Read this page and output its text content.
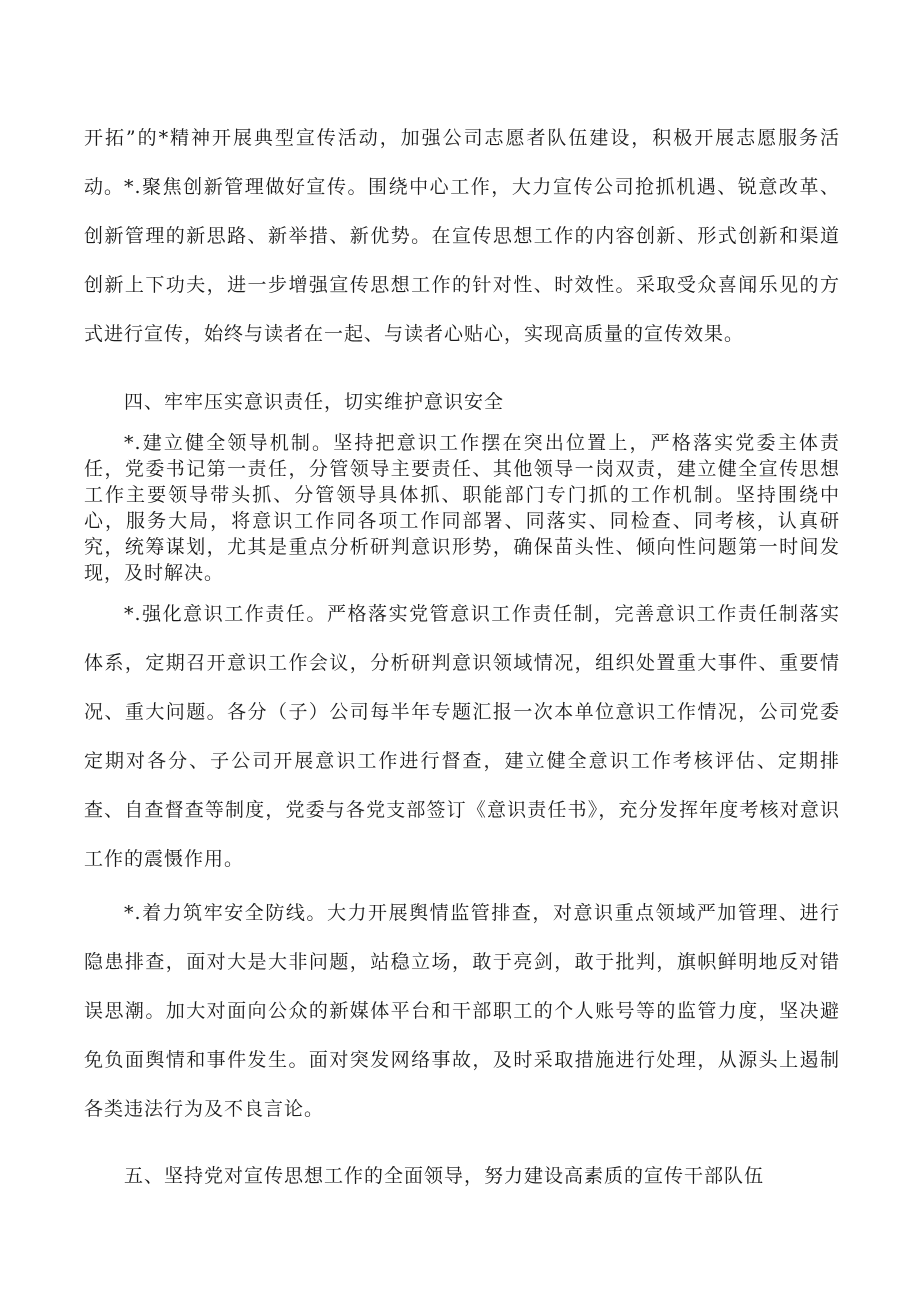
开拓”的*精神开展典型宣传活动，加强公司志愿者队伍建设，积极开展志愿服务活动。 *.聚焦创新管理做好宣传。围绕中心工作，大力宣传公司抢抓机遇、锐意改革、创新管理的新思路、新举措、新优势。在宣传思想工作的内容创新、形式创新和渠道创新上下功夫，进一步增强宣传思想工作的针对性、时效性。采取受众喜闻乐见的方式进行宣传，始终与读者在一起、与读者心贴心，实现高质量的宣传效果。

四、牢牢压实意识责任，切实维护意识安全

*.建立健全领导机制。坚持把意识工作摆在突出位置上，严格落实党委主体责任，党委书记第一责任，分管领导主要责任、其他领导一岗双责，建立健全宣传思想工作主要领导带头抓、分管领导具体抓、职能部门专门抓的工作机制。坚持围绕中心，服务大局，将意识工作同各项工作同部署、同落实、同检查、同考核，认真研究，统筹谋划，尤其是重点分析研判意识形势，确保苗头性、倾向性问题第一时间发现，及时解决。

*.强化意识工作责任。严格落实党管意识工作责任制，完善意识工作责任制落实体系，定期召开意识工作会议，分析研判意识领域情况，组织处置重大事件、重要情况、重大问题。各分（子）公司每半年专题汇报一次本单位意识工作情况，公司党委定期对各分、子公司开展意识工作进行督查，建立健全意识工作考核评估、定期排查、自查督查等制度，党委与各党支部签订《意识责任书》，充分发挥年度考核对意识工作的震慑作用。

*.着力筑牢安全防线。大力开展舆情监管排查，对意识重点领域严加管理、进行隐患排查，面对大是大非问题，站稳立场，敢于亮剑，敢于批判，旗帜鲜明地反对错误思潮。加大对面向公众的新媒体平台和干部职工的个人账号等的监管力度，坚决避免负面舆情和事件发生。面对突发网络事故，及时采取措施进行处理，从源头上遏制各类违法行为及不良言论。

五、坚持党对宣传思想工作的全面领导，努力建设高素质的宣传干部队伍
